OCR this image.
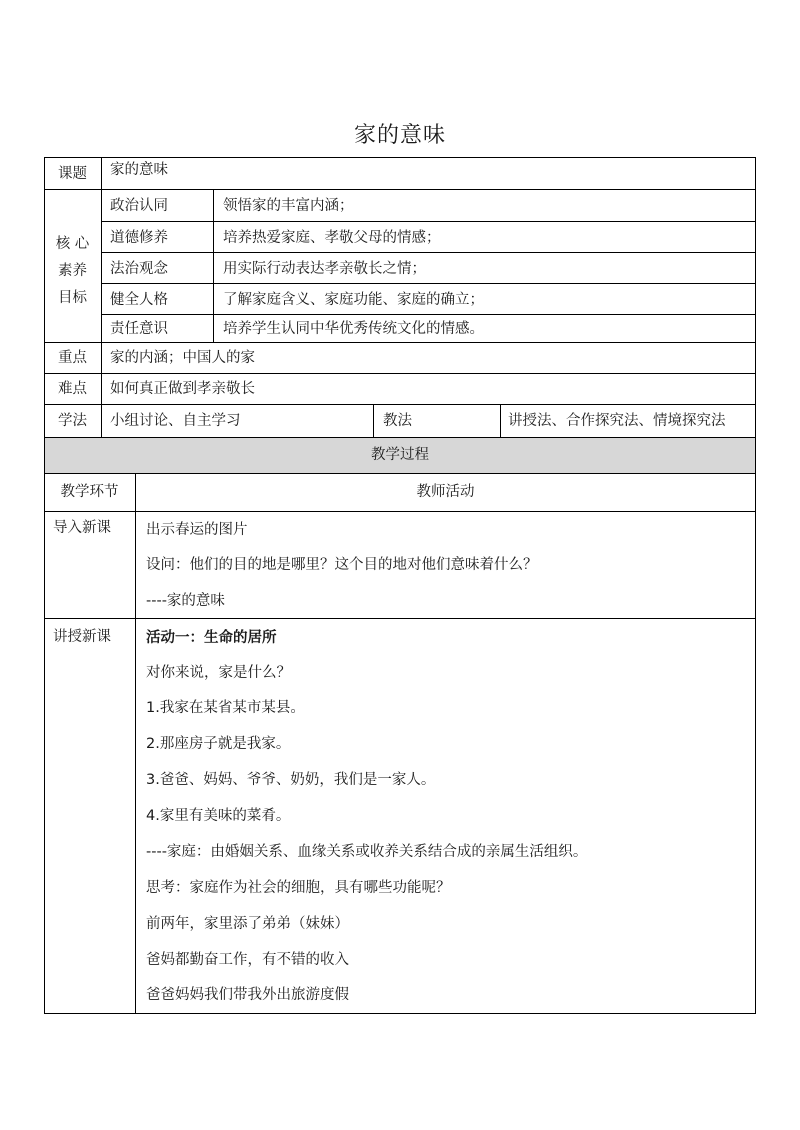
家的意味
课题	家的意味
核 心
素养
目标
政治认同	领悟家的丰富内涵；
道德修养	培养热爱家庭、孝敬父母的情感；
法治观念	用实际行动表达孝亲敬长之情；
健全人格	了解家庭含义、家庭功能、家庭的确立；
责任意识	培养学生认同中华优秀传统文化的情感。
重点	家的内涵；中国人的家
难点	如何真正做到孝亲敬长
学法	小组讨论、自主学习	教法	讲授法、合作探究法、情境探究法
教学过程
教学环节	教师活动
导入新课 出示春运的图片
设问：他们的目的地是哪里？这个目的地对他们意味着什么？
----家的意味
讲授新课 活动一：生命的居所
对你来说，家是什么？
1.我家在某省某市某县。
2.那座房子就是我家。
3.爸爸、妈妈、爷爷、奶奶，我们是一家人。
4.家里有美味的菜肴。
----家庭：由婚姻关系、血缘关系或收养关系结合成的亲属生活组织。
思考：家庭作为社会的细胞，具有哪些功能呢？
前两年，家里添了弟弟（妹妹）
爸妈都勤奋工作，有不错的收入
爸爸妈妈我们带我外出旅游度假
